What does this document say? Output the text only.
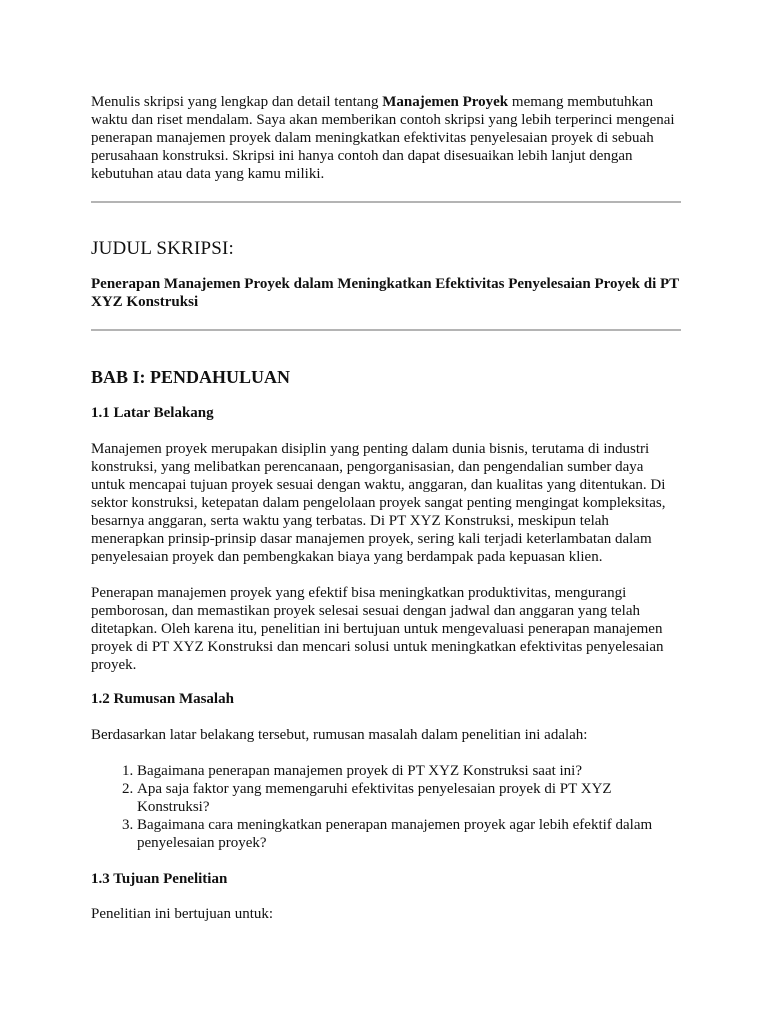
Menulis skripsi yang lengkap dan detail tentang Manajemen Proyek memang membutuhkan waktu dan riset mendalam. Saya akan memberikan contoh skripsi yang lebih terperinci mengenai penerapan manajemen proyek dalam meningkatkan efektivitas penyelesaian proyek di sebuah perusahaan konstruksi. Skripsi ini hanya contoh dan dapat disesuaikan lebih lanjut dengan kebutuhan atau data yang kamu miliki.

JUDUL SKRIPSI:

Penerapan Manajemen Proyek dalam Meningkatkan Efektivitas Penyelesaian Proyek di PT XYZ Konstruksi

BAB I: PENDAHULUAN
1.1 Latar Belakang

Manajemen proyek merupakan disiplin yang penting dalam dunia bisnis, terutama di industri konstruksi, yang melibatkan perencanaan, pengorganisasian, dan pengendalian sumber daya untuk mencapai tujuan proyek sesuai dengan waktu, anggaran, dan kualitas yang ditentukan. Di sektor konstruksi, ketepatan dalam pengelolaan proyek sangat penting mengingat kompleksitas, besarnya anggaran, serta waktu yang terbatas. Di PT XYZ Konstruksi, meskipun telah menerapkan prinsip-prinsip dasar manajemen proyek, sering kali terjadi keterlambatan dalam penyelesaian proyek dan pembengkakan biaya yang berdampak pada kepuasan klien.

Penerapan manajemen proyek yang efektif bisa meningkatkan produktivitas, mengurangi pemborosan, dan memastikan proyek selesai sesuai dengan jadwal dan anggaran yang telah ditetapkan. Oleh karena itu, penelitian ini bertujuan untuk mengevaluasi penerapan manajemen proyek di PT XYZ Konstruksi dan mencari solusi untuk meningkatkan efektivitas penyelesaian proyek.

1.2 Rumusan Masalah

Berdasarkan latar belakang tersebut, rumusan masalah dalam penelitian ini adalah:

1. Bagaimana penerapan manajemen proyek di PT XYZ Konstruksi saat ini?
2. Apa saja faktor yang memengaruhi efektivitas penyelesaian proyek di PT XYZ Konstruksi?
3. Bagaimana cara meningkatkan penerapan manajemen proyek agar lebih efektif dalam penyelesaian proyek?
1.3 Tujuan Penelitian

Penelitian ini bertujuan untuk:
